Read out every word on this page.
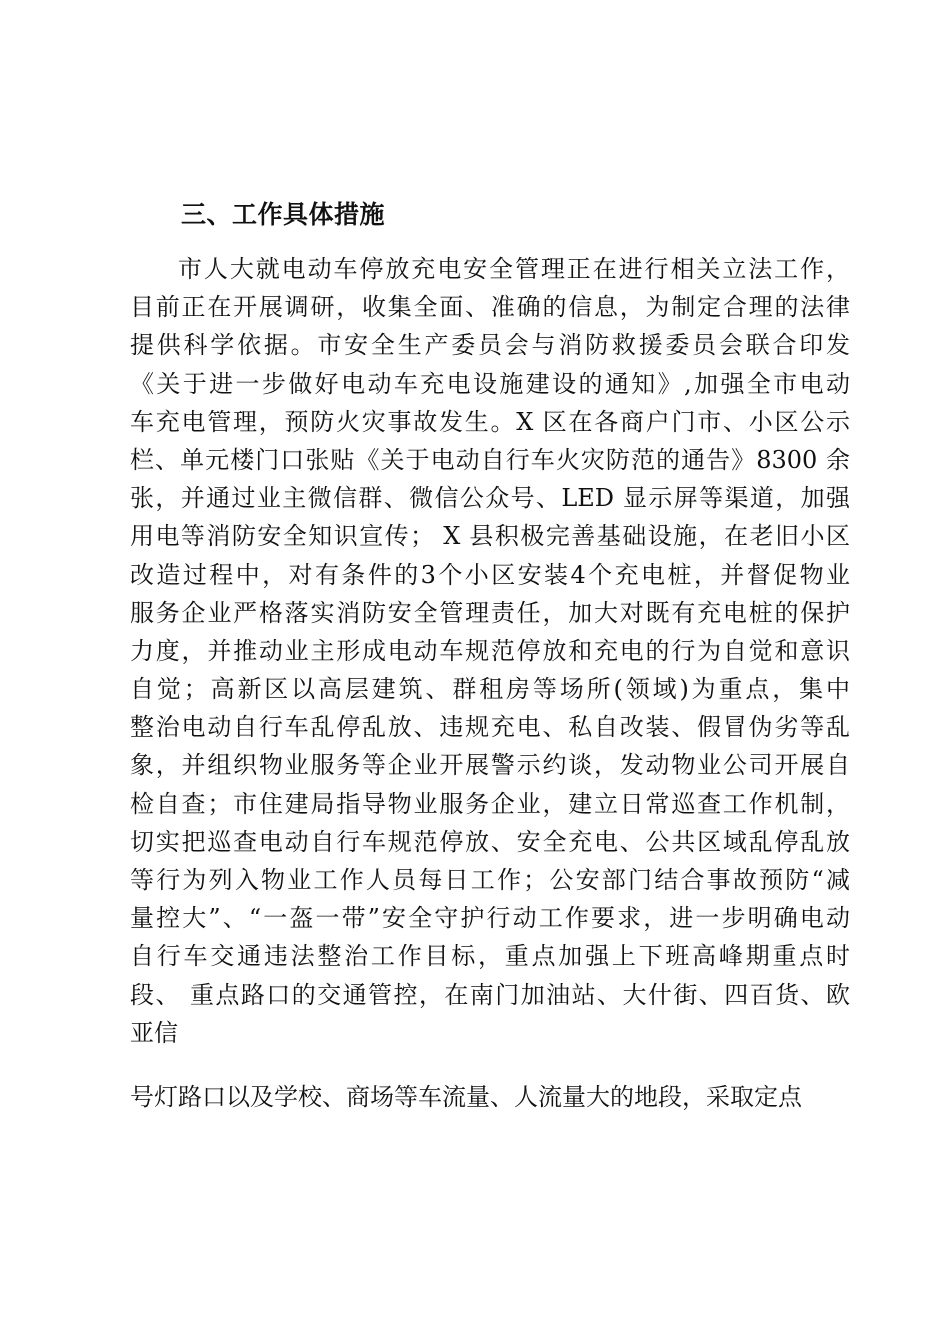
三、工作具体措施
市人大就电动车停放充电安全管理正在进行相关立法工作，
目前正在开展调研，收集全面、准确的信息，为制定合理的法律
提供科学依据。市安全生产委员会与消防救援委员会联合印发
《关于进一步做好电动车充电设施建设的通知》,加强全市电动
车充电管理，预防火灾事故发生。X 区在各商户门市、小区公示
栏、单元楼门口张贴《关于电动自行车火灾防范的通告》8300 余
张，并通过业主微信群、微信公众号、LED 显示屏等渠道，加强
用电等消防安全知识宣传； X 县积极完善基础设施，在老旧小区
改造过程中，对有条件的3个小区安装4个充电桩，并督促物业
服务企业严格落实消防安全管理责任，加大对既有充电桩的保护
力度，并推动业主形成电动车规范停放和充电的行为自觉和意识
自觉；高新区以高层建筑、群租房等场所(领域)为重点，集中
整治电动自行车乱停乱放、违规充电、私自改装、假冒伪劣等乱
象，并组织物业服务等企业开展警示约谈，发动物业公司开展自
检自查；市住建局指导物业服务企业，建立日常巡查工作机制，
切实把巡查电动自行车规范停放、安全充电、公共区域乱停乱放
等行为列入物业工作人员每日工作；公安部门结合事故预防“减
量控大”、“一盔一带”安全守护行动工作要求，进一步明确电动
自行车交通违法整治工作目标，重点加强上下班高峰期重点时
段、 重点路口的交通管控，在南门加油站、大什街、四百货、欧
亚信
号灯路口以及学校、商场等车流量、人流量大的地段，采取定点
